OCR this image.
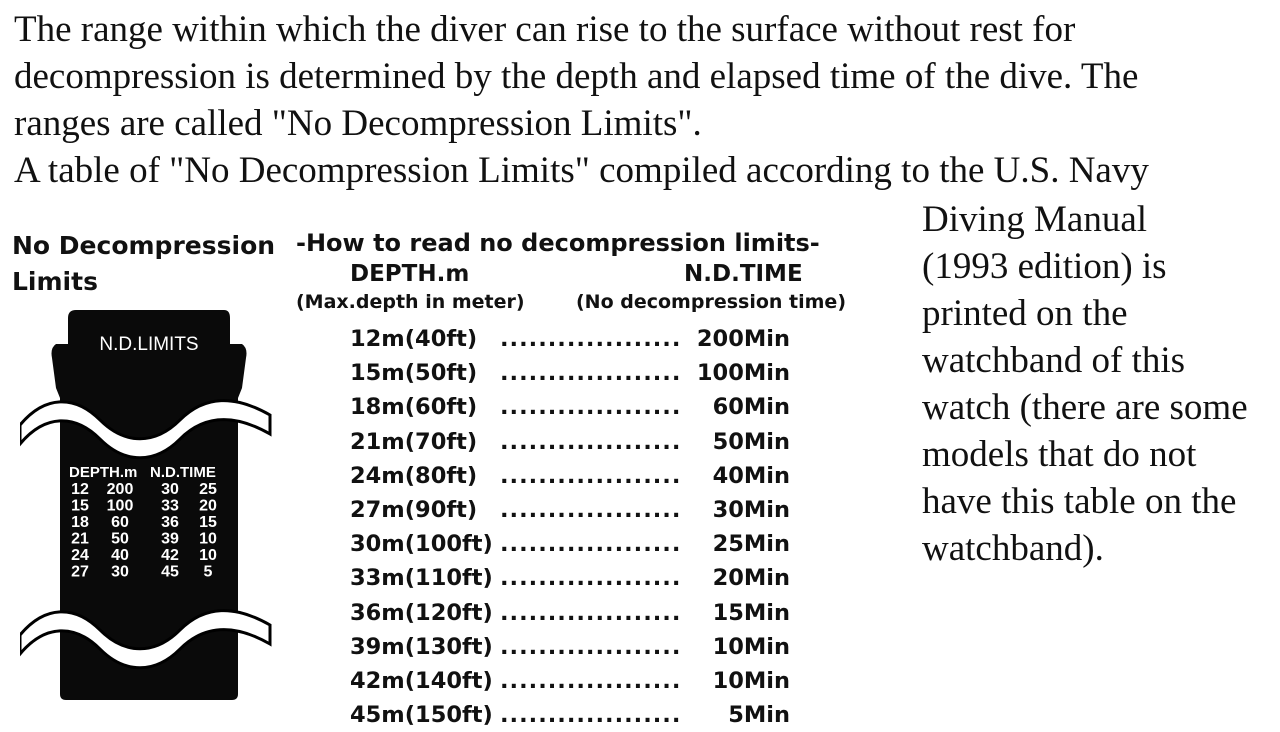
The range within which the diver can rise to the surface without rest for
decompression is determined by the depth and elapsed time of the dive. The
ranges are called "No Decompression Limits".
A table of "No Decompression Limits" compiled according to the U.S. Navy
No Decompression
Limits
N.D.LIMITS
DEPTH.m N.D.TIME
12 200 30 25
15 100 33 20
18 60 36 15
21 50 39 10
24 40 42 10
27 30 45 5
-How to read no decompression limits-
DEPTH.m	N.D.TIME
(Max.depth in meter)	(No decompression time)
12m(40ft)	................... 200Min
15m(50ft)	................... 100Min
18m(60ft)	...................	60Min
21m(70ft)	...................	50Min
24m(80ft)	...................	40Min
27m(90ft)	...................	30Min
30m(100ft) ...................	25Min
33m(110ft) ...................	20Min
36m(120ft) ...................	15Min
39m(130ft) ...................	10Min
42m(140ft) ...................	10Min
45m(150ft) ...................	5Min
Diving Manual
(1993 edition) is
printed on the
watchband of this
watch (there are some
models that do not
have this table on the
watchband).
